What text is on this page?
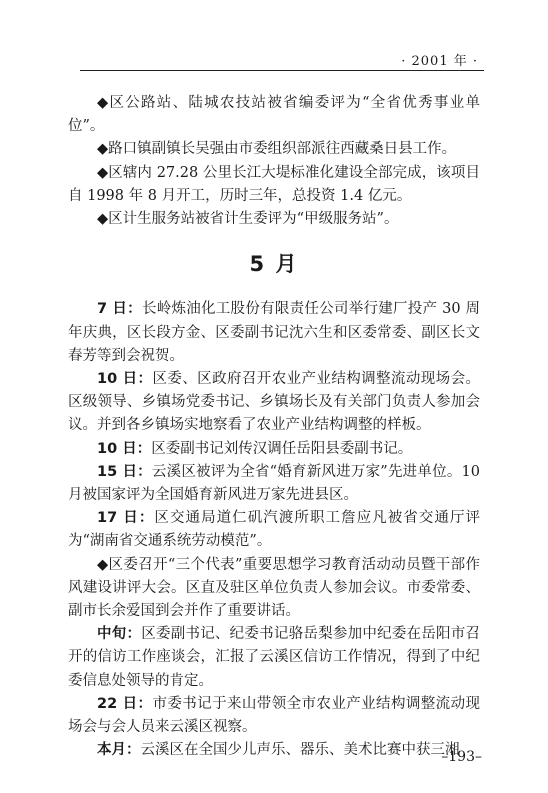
· 2001 年 ·

◆区公路站、陆城农技站被省编委评为“全省优秀事业单位”。

◆路口镇副镇长吴强由市委组织部派往西藏桑日县工作。

◆区辖内 27.28 公里长江大堤标准化建设全部完成，该项目自 1998 年 8 月开工，历时三年，总投资 1.4 亿元。

◆区计生服务站被省计生委评为“甲级服务站”。

5 月

7 日：长岭炼油化工股份有限责任公司举行建厂投产 30 周年庆典，区长段方金、区委副书记沈六生和区委常委、副区长文春芳等到会祝贺。

10 日：区委、区政府召开农业产业结构调整流动现场会。区级领导、乡镇场党委书记、乡镇场长及有关部门负责人参加会议。并到各乡镇场实地察看了农业产业结构调整的样板。

10 日：区委副书记刘传汉调任岳阳县委副书记。

15 日：云溪区被评为全省“婚育新风进万家”先进单位。10 月被国家评为全国婚育新风进万家先进县区。

17 日：区交通局道仁矶汽渡所职工詹应凡被省交通厅评为“湖南省交通系统劳动模范”。

◆区委召开“三个代表”重要思想学习教育活动动员暨干部作风建设讲评大会。区直及驻区单位负责人参加会议。市委常委、副市长余爱国到会并作了重要讲话。

中旬：区委副书记、纪委书记骆岳梨参加中纪委在岳阳市召开的信访工作座谈会，汇报了云溪区信访工作情况，得到了中纪委信息处领导的肯定。

22 日：市委书记于来山带领全市农业产业结构调整流动现场会与会人员来云溪区视察。

本月：云溪区在全国少儿声乐、器乐、美术比赛中获三湘

–193–
